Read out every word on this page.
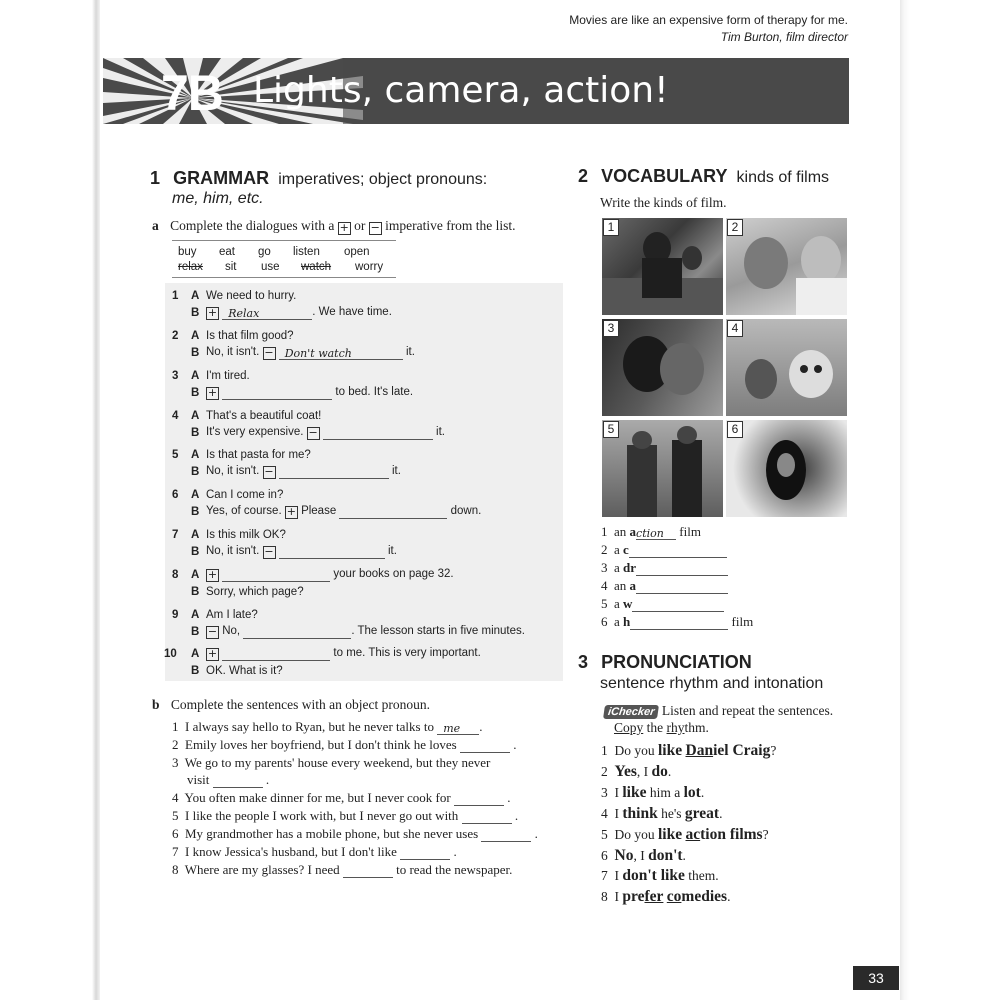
Movies are like an expensive form of therapy for me.
Tim Burton, film director
7B Lights, camera, action!
1 GRAMMAR imperatives; object pronouns:
me, him, etc.
a Complete the dialogues with a + or − imperative from the list.
buy eat go listen open
relax sit use watch worry
1 A We need to hurry.
B + Relax	. We have time.
2 A Is that film good?
B No, it isn't. − Don't watch	it.
3 A I'm tired.
B +	to bed. It's late.
4 A That's a beautiful coat!
B It's very expensive. −	it.
5 A Is that pasta for me?
B No, it isn't. −	it.
6 A Can I come in?
B Yes, of course. + Please	down.
7 A Is this milk OK?
B No, it isn't. −	it.
8 A +	your books on page 32.
B Sorry, which page?
9 A Am I late?
B − No,	. The lesson starts in five minutes.
10 A +	to me. This is very important.
B OK. What is it?
b Complete the sentences with an object pronoun.
1 I always say hello to Ryan, but he never talks to me .
2 Emily loves her boyfriend, but I don't think he loves	.
3 We go to my parents' house every weekend, but they never
visit	.
4 You often make dinner for me, but I never cook for	.
5 I like the people I work with, but I never go out with	.
6 My grandmother has a mobile phone, but she never uses	.
7 I know Jessica's husband, but I don't like	.
8 Where are my glasses? I need	to read the newspaper.
2 VOCABULARY kinds of films
Write the kinds of film.
1	2
3	4
5	6
1 an action film
2 a c
3 a dr
4 an a
5 a w
6 a h	film
3 PRONUNCIATION
sentence rhythm and intonation
iChecker Listen and repeat the sentences.
Copy the rhythm.
1 Do you like Daniel Craig?
2 Yes, I do.
3 I like him a lot.
4 I think he's great.
5 Do you like action films?
6 No, I don't.
7 I don't like them.
8 I prefer comedies.
33
